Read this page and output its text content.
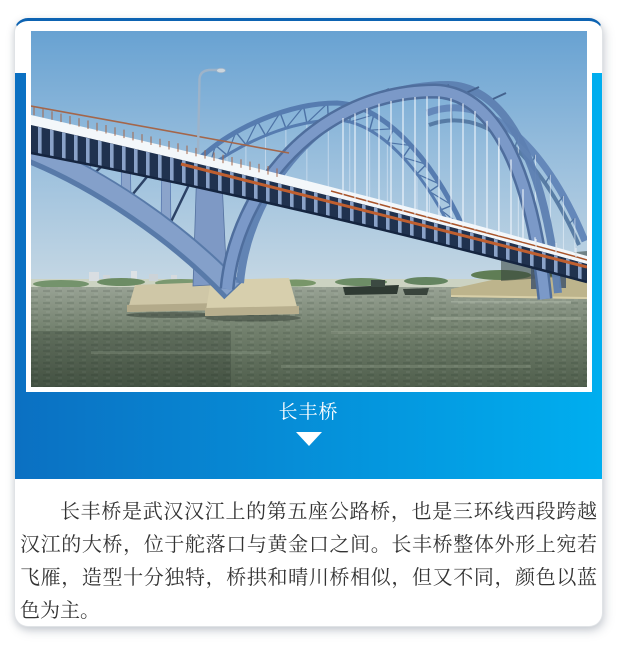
长丰桥

长丰桥是武汉汉江上的第五座公路桥，也是三环线西段跨越汉江的大桥，位于舵落口与黄金口之间。长丰桥整体外形上宛若飞雁，造型十分独特，桥拱和晴川桥相似，但又不同，颜色以蓝色为主。
